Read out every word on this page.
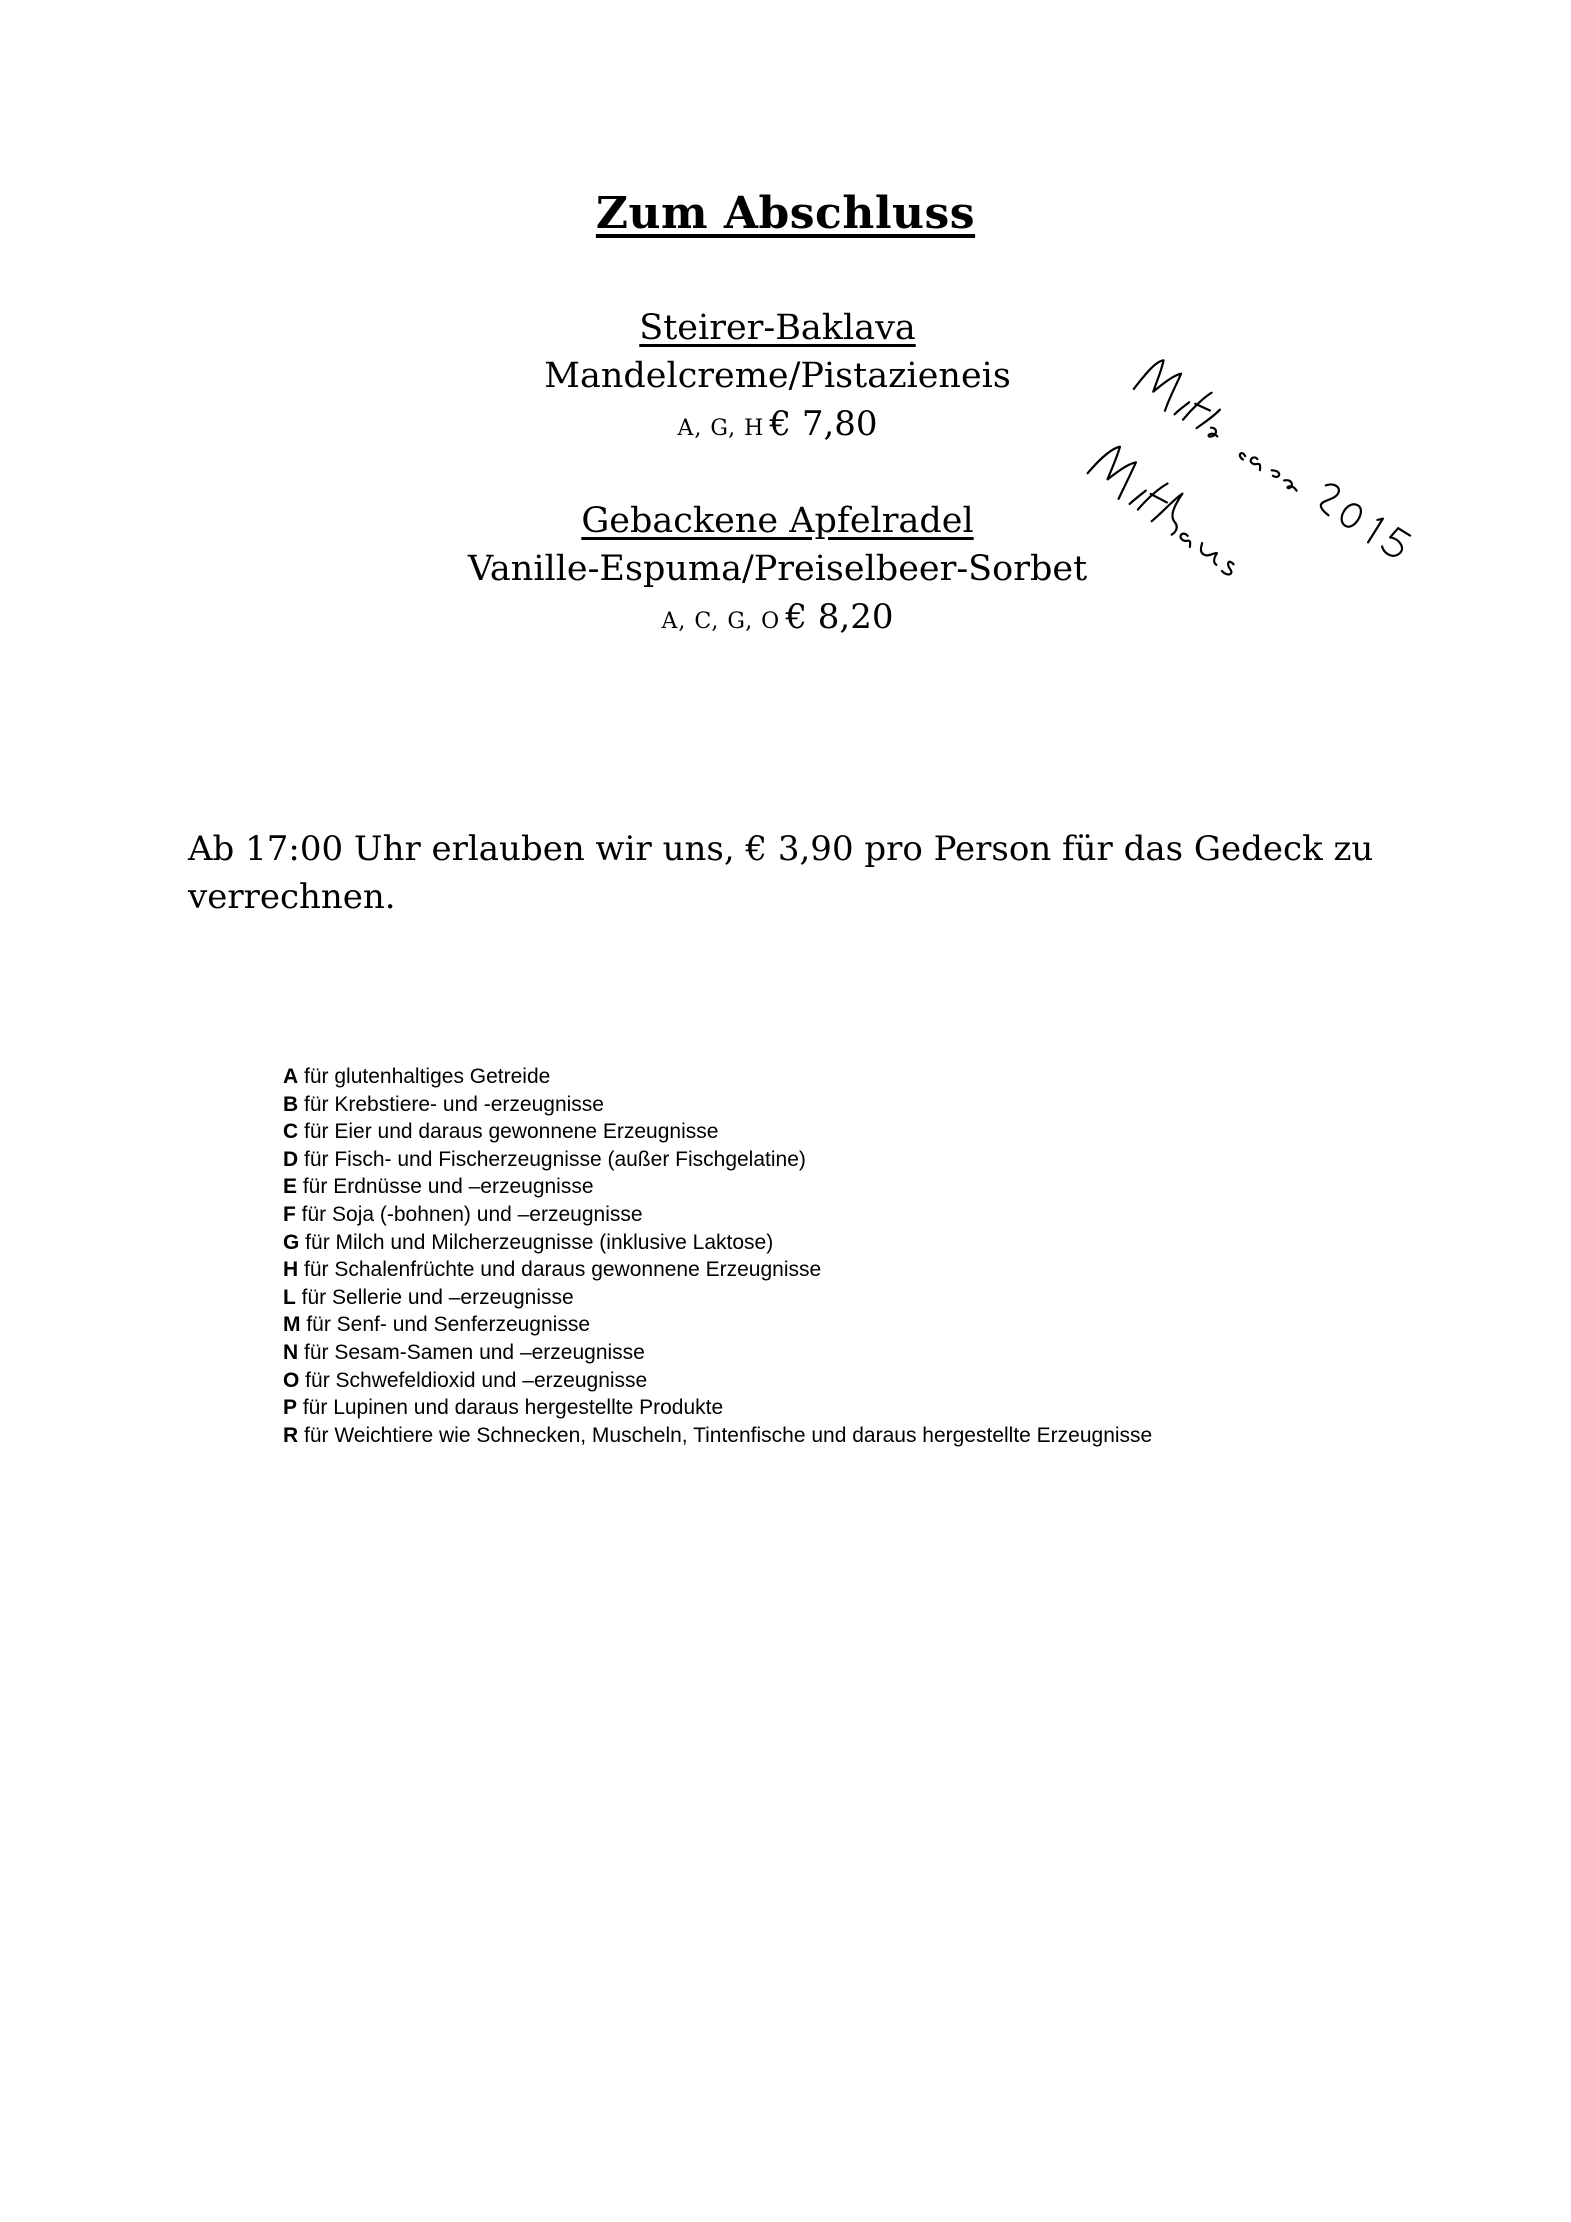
Zum Abschluss
Steirer-Baklava
Mandelcreme/Pistazieneis
A, G, H € 7,80
Gebackene Apfelradel
Vanille-Espuma/Preiselbeer-Sorbet
A, C, G, O € 8,20
Ab 17:00 Uhr erlauben wir uns, € 3,90 pro Person für das Gedeck zu verrechnen.
A für glutenhaltiges Getreide
B für Krebstiere- und -erzeugnisse
C für Eier und daraus gewonnene Erzeugnisse
D für Fisch- und Fischerzeugnisse (außer Fischgelatine)
E für Erdnüsse und –erzeugnisse
F für Soja (-bohnen) und –erzeugnisse
G für Milch und Milcherzeugnisse (inklusive Laktose)
H für Schalenfrüchte und daraus gewonnene Erzeugnisse
L für Sellerie und –erzeugnisse
M für Senf- und Senferzeugnisse
N für Sesam-Samen und –erzeugnisse
O für Schwefeldioxid und –erzeugnisse
P für Lupinen und daraus hergestellte Produkte
R für Weichtiere wie Schnecken, Muscheln, Tintenfische und daraus hergestellte Erzeugnisse
